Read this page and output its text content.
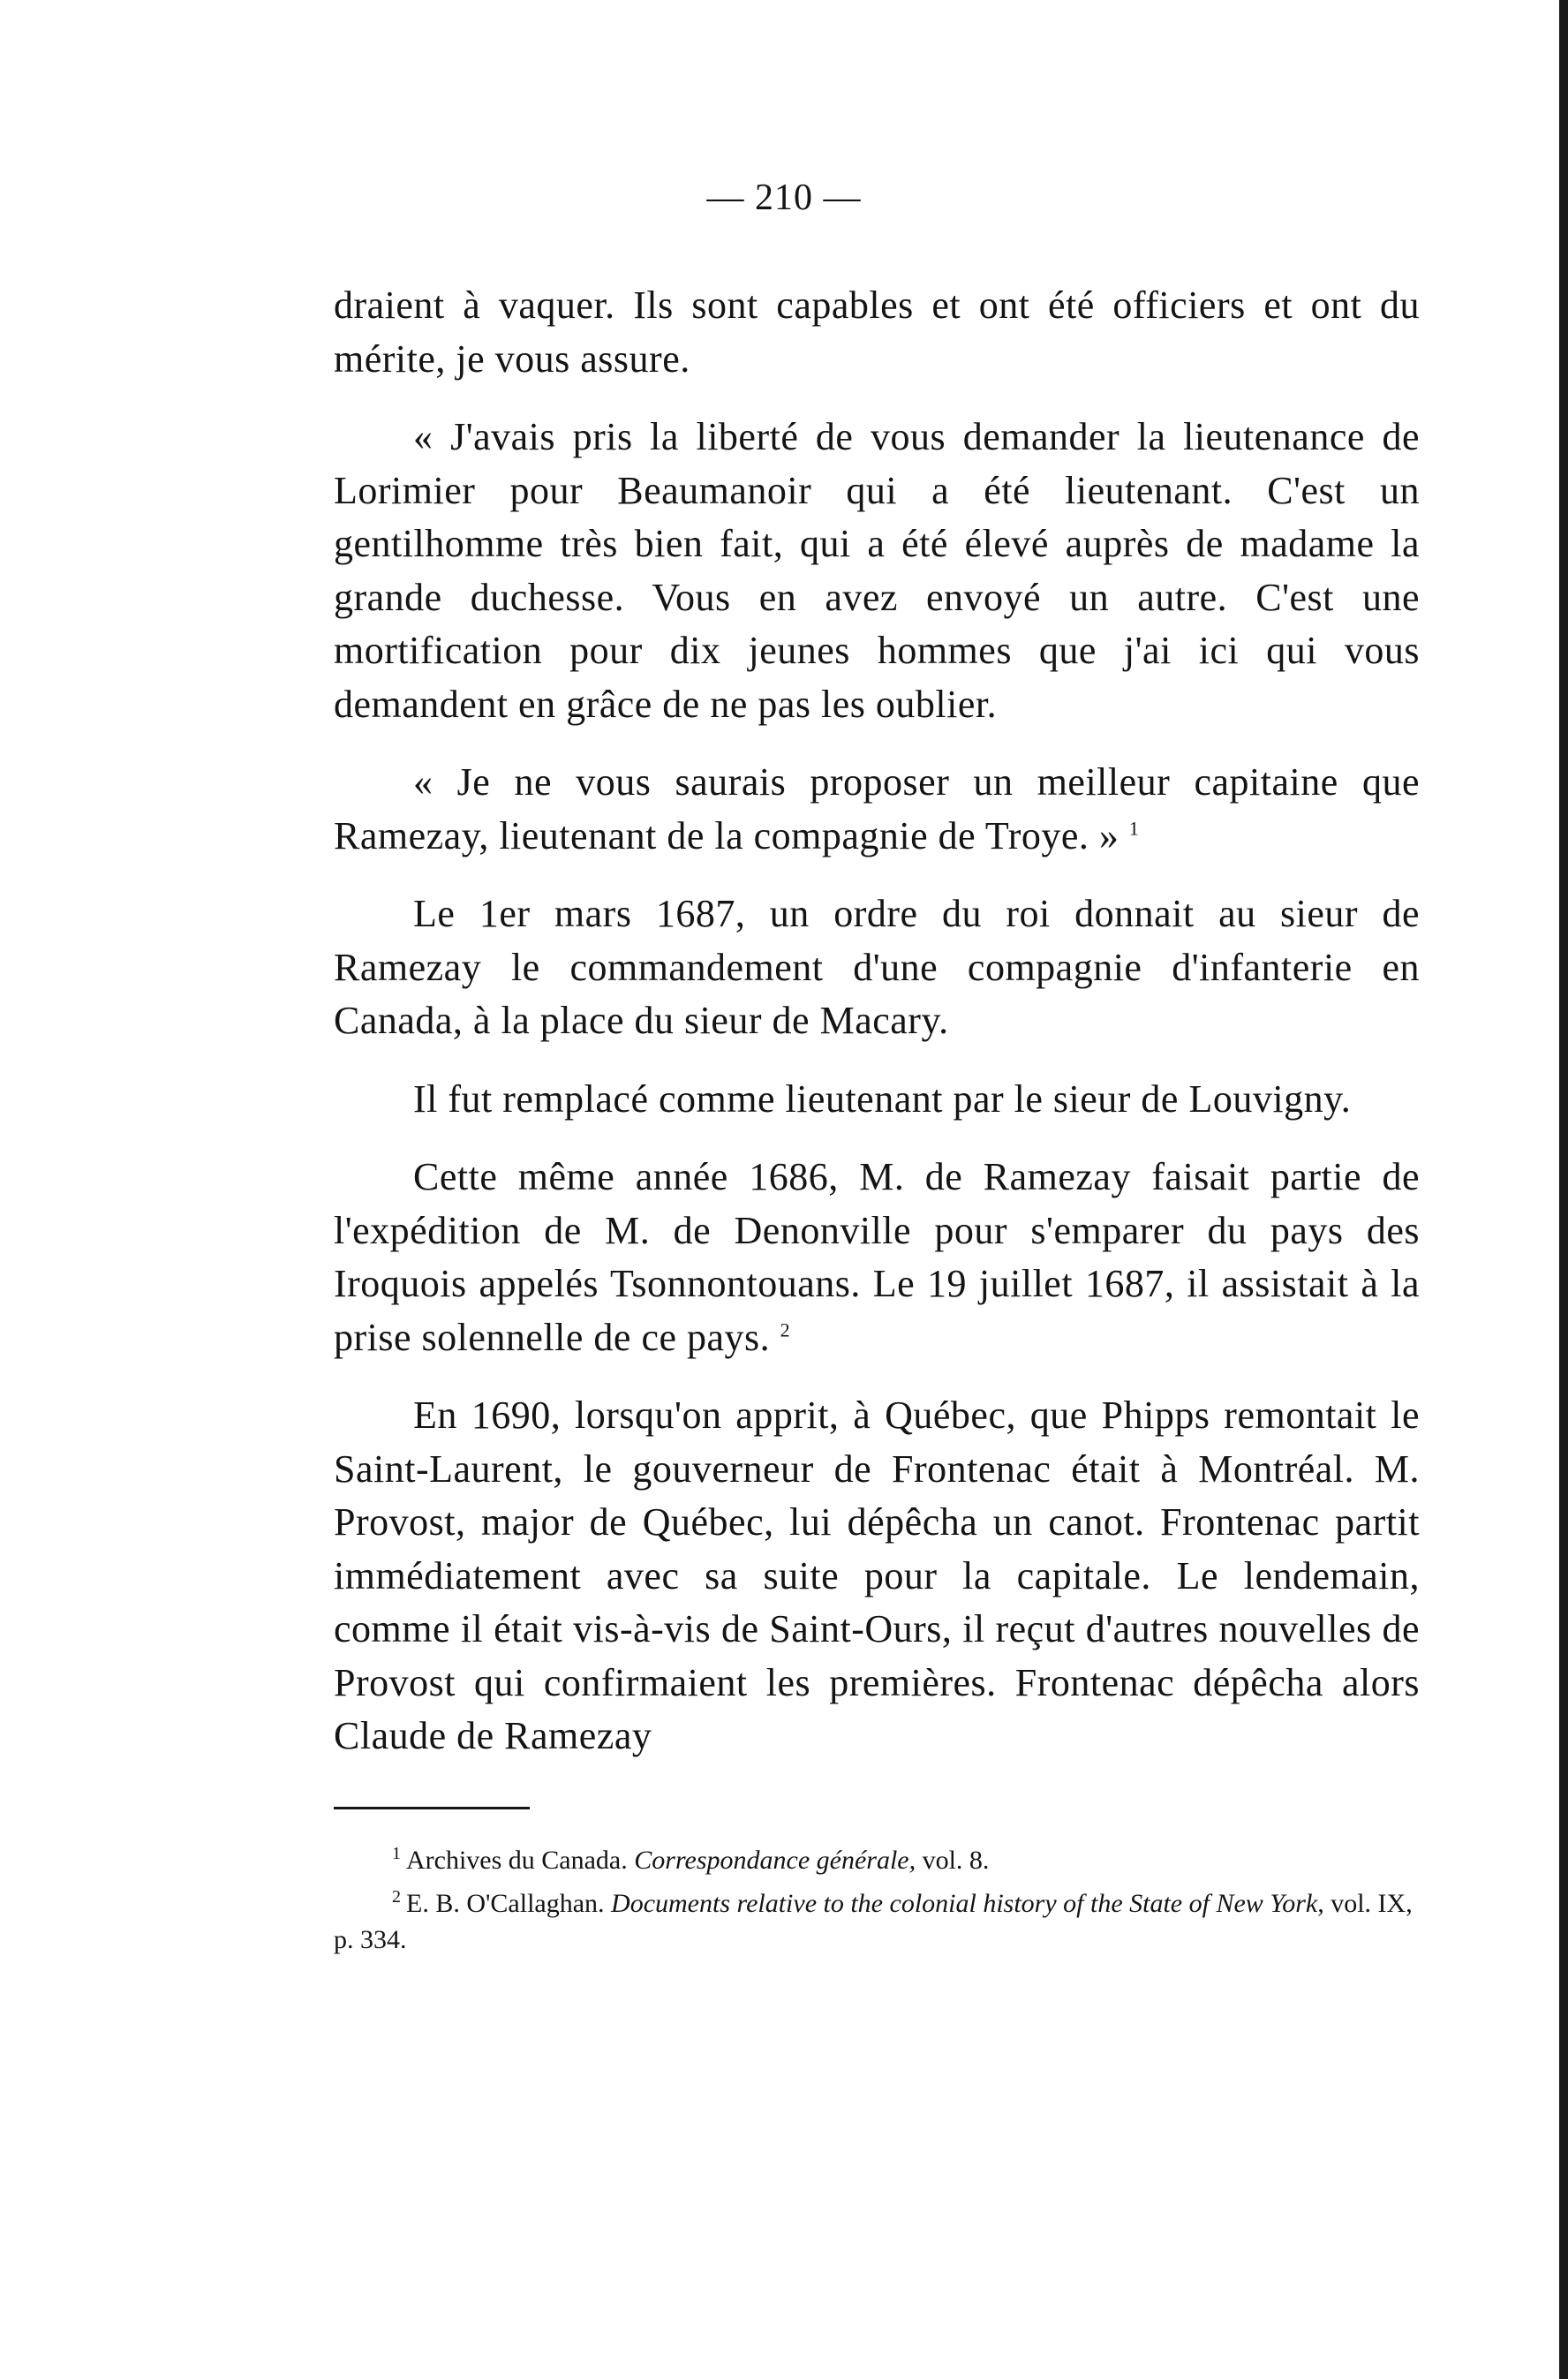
— 210 —

draient à vaquer. Ils sont capables et ont été officiers et ont du mérite, je vous assure.

« J'avais pris la liberté de vous demander la lieutenance de Lorimier pour Beaumanoir qui a été lieutenant. C'est un gentilhomme très bien fait, qui a été élevé auprès de madame la grande duchesse. Vous en avez envoyé un autre. C'est une mortification pour dix jeunes hommes que j'ai ici qui vous demandent en grâce de ne pas les oublier.

« Je ne vous saurais proposer un meilleur capitaine que Ramezay, lieutenant de la compagnie de Troye. » $^1$

Le 1er mars 1687, un ordre du roi donnait au sieur de Ramezay le commandement d'une compagnie d'infanterie en Canada, à la place du sieur de Macary.

Il fut remplacé comme lieutenant par le sieur de Louvigny.

Cette même année 1686, M. de Ramezay faisait partie de l'expédition de M. de Denonville pour s'emparer du pays des Iroquois appelés Tsonnontouans. Le 19 juillet 1687, il assistait à la prise solennelle de ce pays. $^2$

En 1690, lorsqu'on apprit, à Québec, que Phipps remontait le Saint-Laurent, le gouverneur de Frontenac était à Montréal. M. Provost, major de Québec, lui dépêcha un canot. Frontenac partit immédiatement avec sa suite pour la capitale. Le lendemain, comme il était vis-à-vis de Saint-Ours, il reçut d'autres nouvelles de Provost qui confirmaient les premières. Frontenac dépêcha alors Claude de Ramezay

$^1$ Archives du Canada. Correspondance générale, vol. 8.

$^2$ E. B. O'Callaghan. Documents relative to the colonial history of the State of New York, vol. IX, p. 334.
